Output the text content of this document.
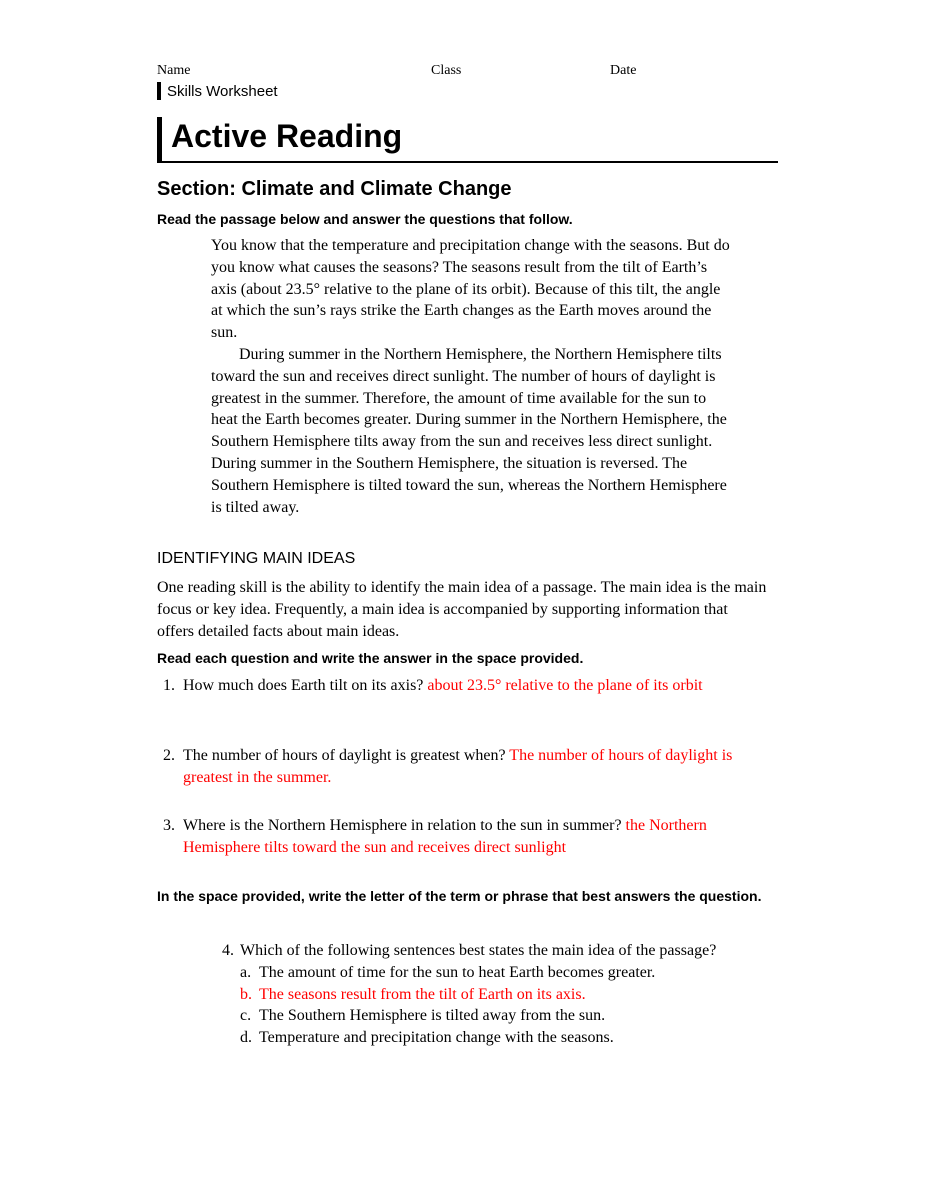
Name	Class	Date
Skills Worksheet
Active Reading
Section: Climate and Climate Change
Read the passage below and answer the questions that follow.

You know that the temperature and precipitation change with the seasons. But do you know what causes the seasons? The seasons result from the tilt of Earth’s axis (about 23.5° relative to the plane of its orbit). Because of this tilt, the angle at which the sun’s rays strike the Earth changes as the Earth moves around the sun.

During summer in the Northern Hemisphere, the Northern Hemisphere tilts toward the sun and receives direct sunlight. The number of hours of daylight is greatest in the summer. Therefore, the amount of time available for the sun to heat the Earth becomes greater. During summer in the Northern Hemisphere, the Southern Hemisphere tilts away from the sun and receives less direct sunlight. During summer in the Southern Hemisphere, the situation is reversed. The Southern Hemisphere is tilted toward the sun, whereas the Northern Hemisphere is tilted away.

IDENTIFYING MAIN IDEAS
One reading skill is the ability to identify the main idea of a passage. The main idea is the main focus or key idea. Frequently, a main idea is accompanied by supporting information that offers detailed facts about main ideas.
Read each question and write the answer in the space provided.
1. How much does Earth tilt on its axis? about 23.5° relative to the plane of its orbit
2. The number of hours of daylight is greatest when? The number of hours of daylight is greatest in the summer.
3. Where is the Northern Hemisphere in relation to the sun in summer? the Northern Hemisphere tilts toward the sun and receives direct sunlight
In the space provided, write the letter of the term or phrase that best answers the question.
4. Which of the following sentences best states the main idea of the passage?
a. The amount of time for the sun to heat Earth becomes greater.
b. The seasons result from the tilt of Earth on its axis.
c. The Southern Hemisphere is tilted away from the sun.
d. Temperature and precipitation change with the seasons.
